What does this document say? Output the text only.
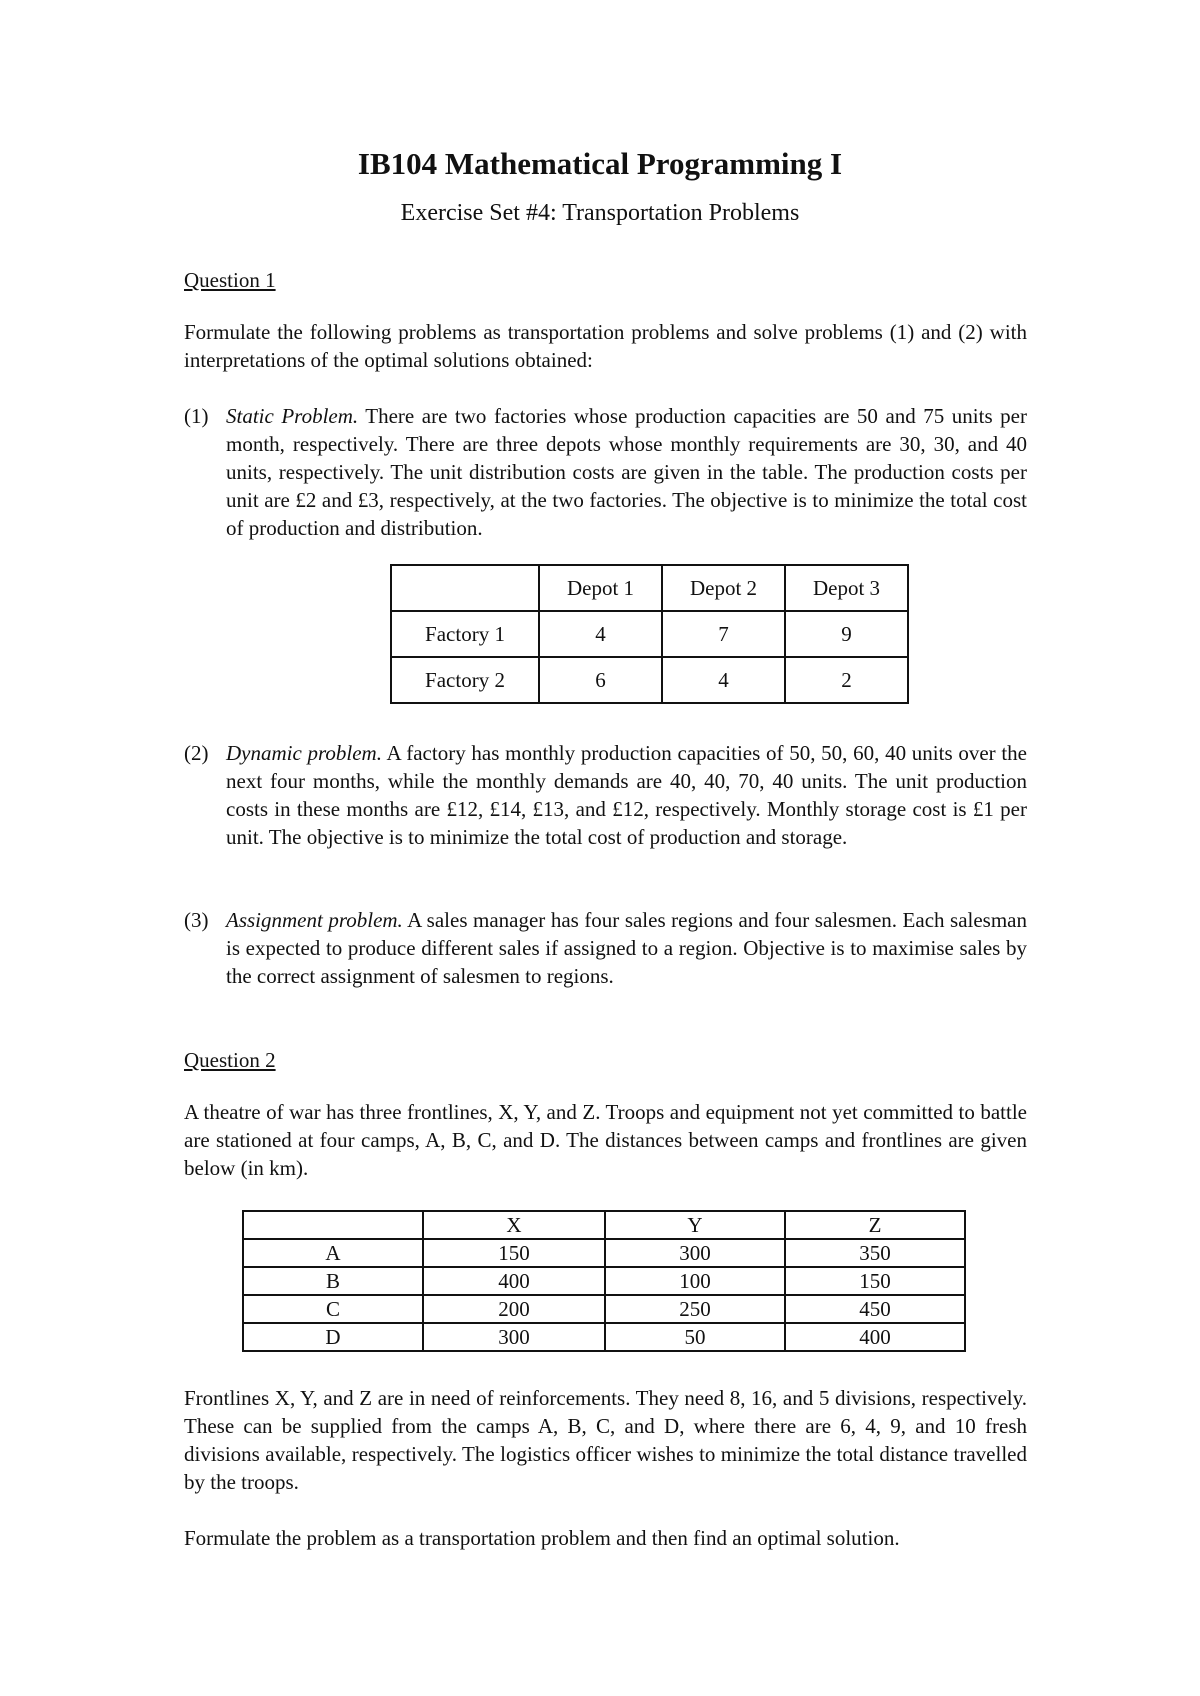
IB104 Mathematical Programming I
Exercise Set #4: Transportation Problems
Question 1
Formulate the following problems as transportation problems and solve problems (1) and (2) with interpretations of the optimal solutions obtained:
(1) Static Problem. There are two factories whose production capacities are 50 and 75 units per month, respectively. There are three depots whose monthly requirements are 30, 30, and 40 units, respectively. The unit distribution costs are given in the table. The production costs per unit are £2 and £3, respectively, at the two factories. The objective is to minimize the total cost of production and distribution.
	Depot 1	Depot 2	Depot 3
Factory 1	4	7	9
Factory 2	6	4	2
(2) Dynamic problem. A factory has monthly production capacities of 50, 50, 60, 40 units over the next four months, while the monthly demands are 40, 40, 70, 40 units. The unit production costs in these months are £12, £14, £13, and £12, respectively. Monthly storage cost is £1 per unit. The objective is to minimize the total cost of production and storage.
(3) Assignment problem. A sales manager has four sales regions and four salesmen. Each salesman is expected to produce different sales if assigned to a region. Objective is to maximise sales by the correct assignment of salesmen to regions.
Question 2
A theatre of war has three frontlines, X, Y, and Z. Troops and equipment not yet committed to battle are stationed at four camps, A, B, C, and D. The distances between camps and frontlines are given below (in km).
	X	Y	Z
A	150	300	350
B	400	100	150
C	200	250	450
D	300	50	400
Frontlines X, Y, and Z are in need of reinforcements. They need 8, 16, and 5 divisions, respectively. These can be supplied from the camps A, B, C, and D, where there are 6, 4, 9, and 10 fresh divisions available, respectively. The logistics officer wishes to minimize the total distance travelled by the troops.
Formulate the problem as a transportation problem and then find an optimal solution.
